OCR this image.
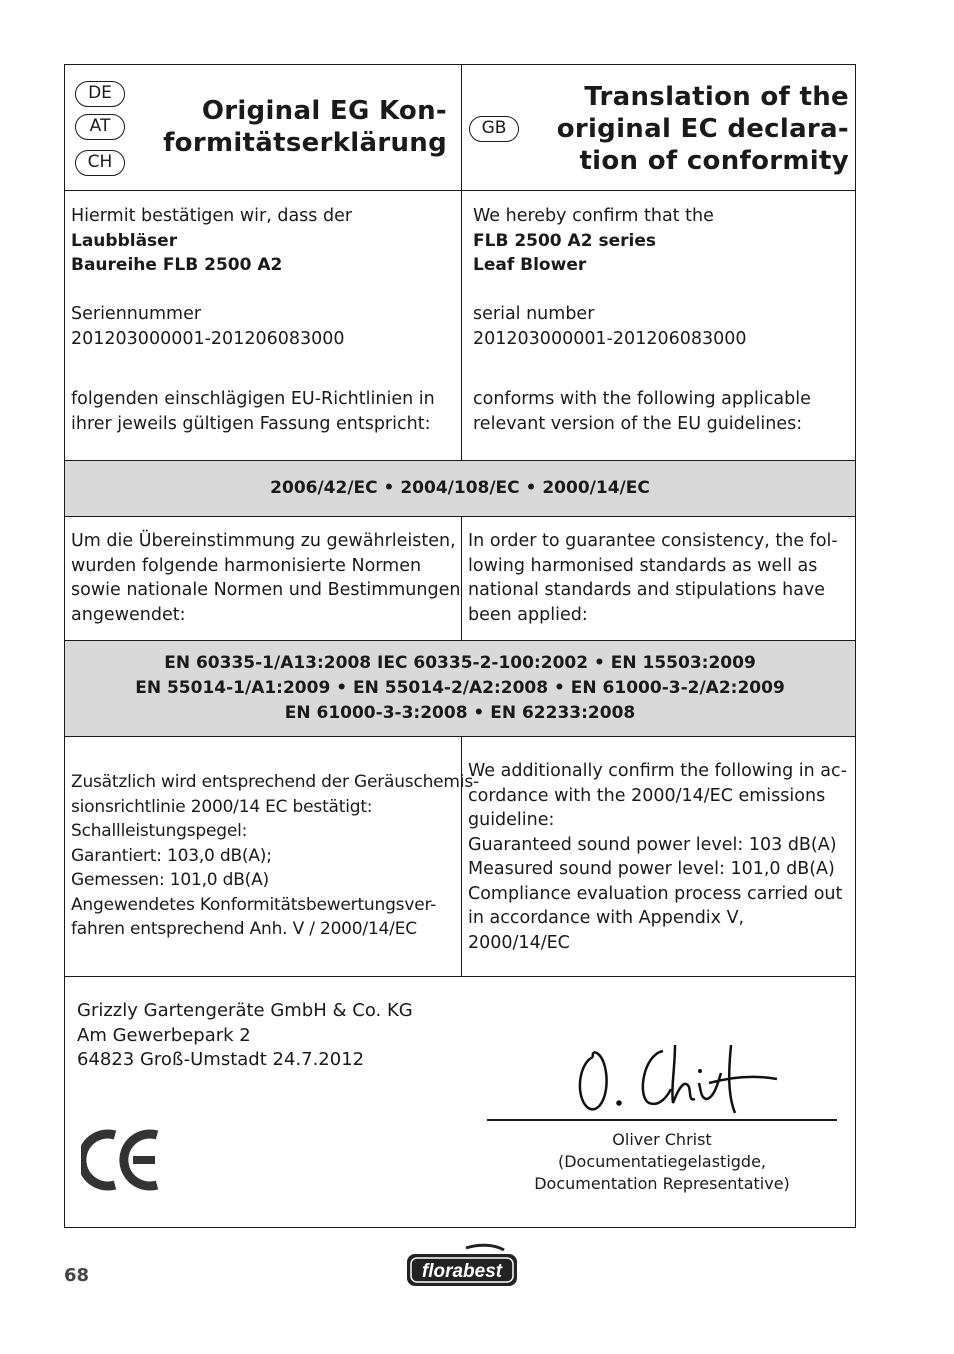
DE
AT
CH
Original EG Kon-
formitätserklärung	GB
Translation of the
original EC declara-
tion of conformity
Hiermit bestätigen wir, dass der
Laubbläser
Baureihe FLB 2500 A2
Seriennummer
201203000001-201206083000
folgenden einschlägigen EU-Richtlinien in
ihrer jeweils gültigen Fassung entspricht:
We hereby confirm that the
FLB 2500 A2 series
Leaf Blower
serial number
201203000001-201206083000
conforms with the following applicable
relevant version of the EU guidelines:
2006/42/EC • 2004/108/EC • 2000/14/EC
Um die Übereinstimmung zu gewährleisten,
wurden folgende harmonisierte Normen
sowie nationale Normen und Bestimmungen
angewendet:
In order to guarantee consistency, the fol-
lowing harmonised standards as well as
national standards and stipulations have
been applied:
EN 60335-1/A13:2008 IEC 60335-2-100:2002 • EN 15503:2009
EN 55014-1/A1:2009 • EN 55014-2/A2:2008 • EN 61000-3-2/A2:2009
EN 61000-3-3:2008 • EN 62233:2008
Zusätzlich wird entsprechend der Geräuschemis-
sionsrichtlinie 2000/14 EC bestätigt:
Schallleistungspegel:
Garantiert: 103,0 dB(A);
Gemessen: 101,0 dB(A)
Angewendetes Konformitätsbewertungsver-
fahren entsprechend Anh. V / 2000/14/EC
We additionally confirm the following in ac-
cordance with the 2000/14/EC emissions
guideline:
Guaranteed sound power level: 103 dB(A)
Measured sound power level: 101,0 dB(A)
Compliance evaluation process carried out
in accordance with Appendix V,
2000/14/EC
Grizzly Gartengeräte GmbH & Co. KG
Am Gewerbepark 2
64823 Groß-Umstadt 24.7.2012
Oliver Christ
(Documentatiegelastigde,
Documentation Representative)
68	florabest
